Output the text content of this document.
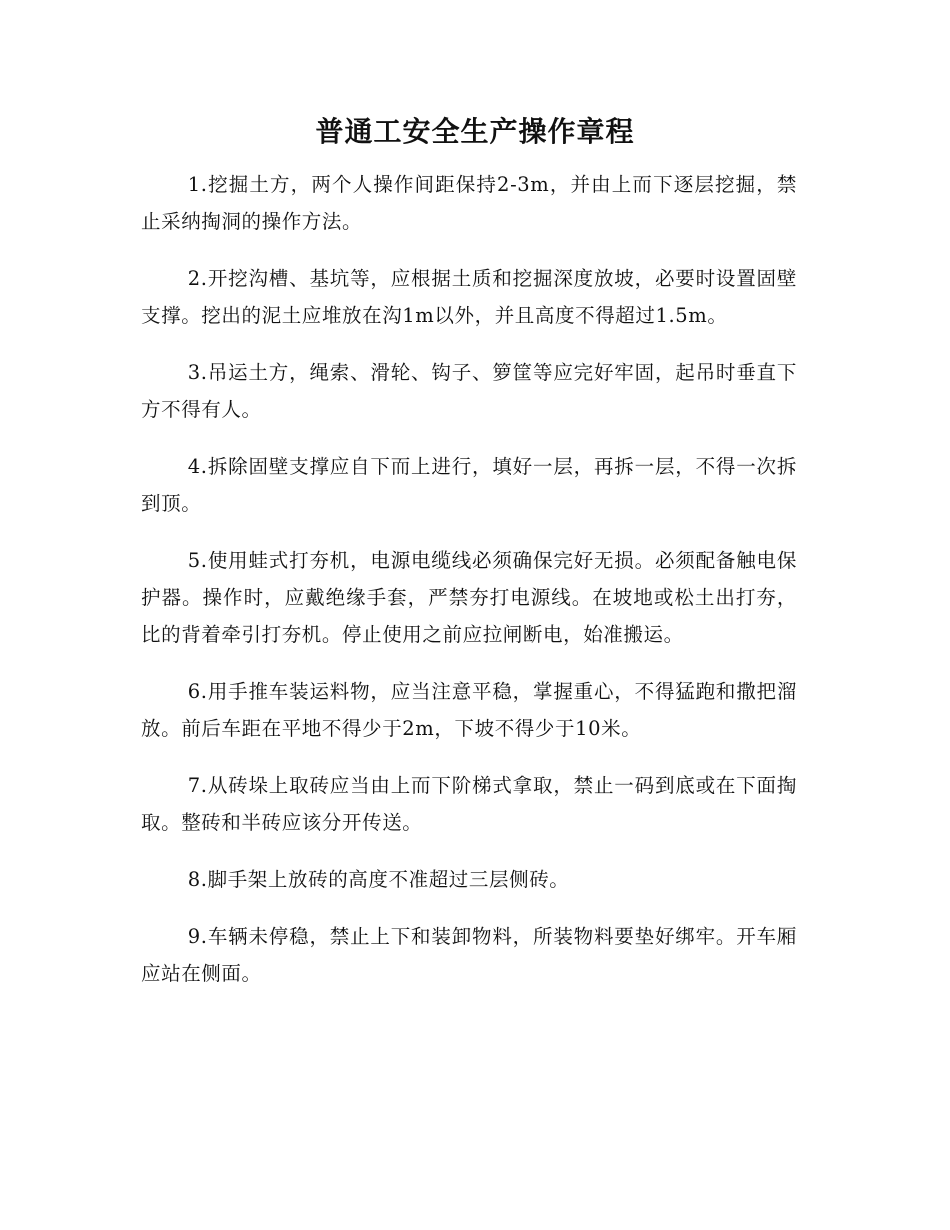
普通工安全生产操作章程

1.挖掘土方，两个人操作间距保持2-3m，并由上而下逐层挖掘，禁止采纳掏洞的操作方法。

2.开挖沟槽、基坑等，应根据土质和挖掘深度放坡，必要时设置固壁支撑。挖出的泥土应堆放在沟1m以外，并且高度不得超过1.5m。

3.吊运土方，绳索、滑轮、钩子、箩筐等应完好牢固，起吊时垂直下方不得有人。

4.拆除固壁支撑应自下而上进行，填好一层，再拆一层，不得一次拆到顶。

5.使用蛙式打夯机，电源电缆线必须确保完好无损。必须配备触电保护器。操作时，应戴绝缘手套，严禁夯打电源线。在坡地或松土出打夯，比的背着牵引打夯机。停止使用之前应拉闸断电，始准搬运。

6.用手推车装运料物，应当注意平稳，掌握重心，不得猛跑和撒把溜放。前后车距在平地不得少于2m，下坡不得少于10米。

7.从砖垛上取砖应当由上而下阶梯式拿取，禁止一码到底或在下面掏取。整砖和半砖应该分开传送。

8.脚手架上放砖的高度不准超过三层侧砖。

9.车辆未停稳，禁止上下和装卸物料，所装物料要垫好绑牢。开车厢应站在侧面。
